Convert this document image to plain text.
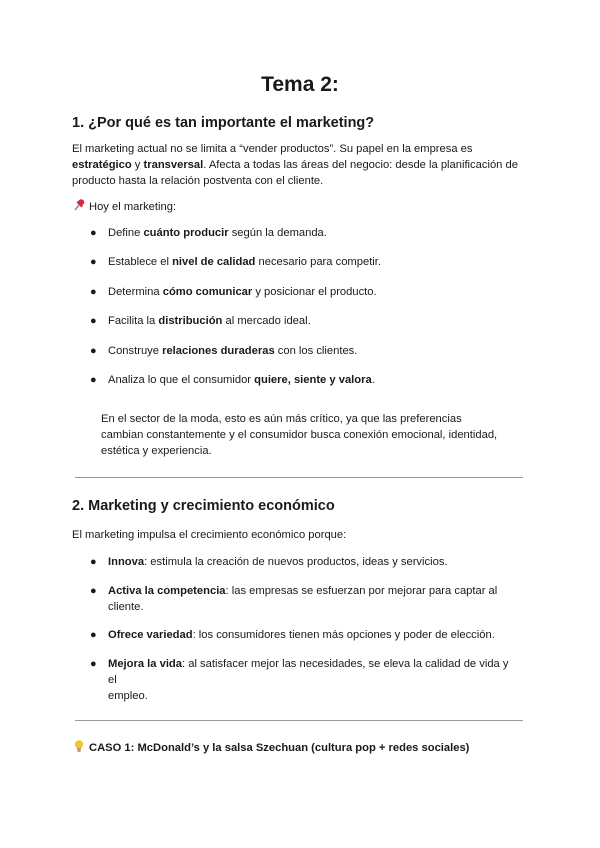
Tema 2:
1. ¿Por qué es tan importante el marketing?
El marketing actual no se limita a “vender productos”. Su papel en la empresa es
estratégico y transversal. Afecta a todas las áreas del negocio: desde la planificación de
producto hasta la relación postventa con el cliente.
Hoy el marketing:
● Define cuánto producir según la demanda.
● Establece el nivel de calidad necesario para competir.
● Determina cómo comunicar y posicionar el producto.
● Facilita la distribución al mercado ideal.
● Construye relaciones duraderas con los clientes.
● Analiza lo que el consumidor quiere, siente y valora.
En el sector de la moda, esto es aún más crítico, ya que las preferencias
cambian constantemente y el consumidor busca conexión emocional, identidad,
estética y experiencia.
2. Marketing y crecimiento económico
El marketing impulsa el crecimiento económico porque:
● Innova: estimula la creación de nuevos productos, ideas y servicios.

● Activa la competencia: las empresas se esfuerzan por mejorar para captar al
cliente.
● Ofrece variedad: los consumidores tienen más opciones y poder de elección.

● Mejora la vida: al satisfacer mejor las necesidades, se eleva la calidad de vida y el
empleo.
CASO 1: McDonald’s y la salsa Szechuan (cultura pop + redes sociales)
